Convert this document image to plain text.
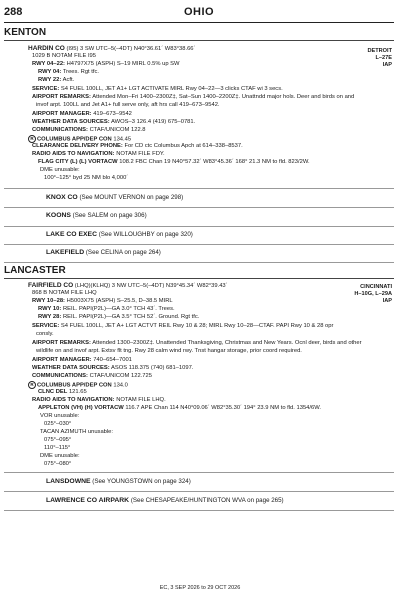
288	OHIO
KENTON
DETROIT
L–27E
IAP
HARDIN CO (I95) 3 SW UTC–5(–4DT) N40°36.61´ W83°38.66´
1029 B NOTAM FILE I95
RWY 04–22: H4797X75 (ASPH) S–19 MIRL 0.5% up SW
RWY 04: Trees. Rgt tfc.
RWY 22: Acft.
SERVICE: S4 FUEL 100LL, JET A1+ LGT ACTIVATE MIRL Rwy 04–22—3 clicks CTAF wi 3 secs.
AIRPORT REMARKS: Attended Mon–Fri 1400–2300Z‡, Sat–Sun 1400–2200Z‡. Unattndd major hols. Deer and birds on and
invof arpt. 100LL and Jet A1+ full serve only, aft hrs call 419–673–9542.
AIRPORT MANAGER: 419–673–9542
WEATHER DATA SOURCES: AWOS–3 126.4 (419) 675–0781.
COMMUNICATIONS: CTAF/UNICOM 122.8
R COLUMBUS APP/DEP CON 134.45
CLEARANCE DELIVERY PHONE: For CD ctc Columbus Apch at 614–338–8537.
RADIO AIDS TO NAVIGATION: NOTAM FILE FDY.
FLAG CITY (L) (L) VORTACW 108.2 FBC Chan 19 N40°57.32´ W83°45.36´ 168° 21.3 NM to fld. 823/2W.
DME unusable:
100°–125° byd 25 NM blo 4,000´
KNOX CO (See MOUNT VERNON on page 298)
KOONS (See SALEM on page 306)
LAKE CO EXEC (See WILLOUGHBY on page 320)
LAKEFIELD (See CELINA on page 264)
LANCASTER
CINCINNATI
H–10G, L–29A
IAP
FAIRFIELD CO (LHQ)(KLHQ) 3 NW UTC–5(–4DT) N39°45.34´ W82°39.43´
868 B NOTAM FILE LHQ
RWY 10–28: H5003X75 (ASPH) S–25.5, D–38.5 MIRL
RWY 10: REIL. PAPI(P2L)—GA 3.0° TCH 43´. Trees.
RWY 28: REIL. PAPI(P2L)—GA 3.5° TCH 52´. Ground. Rgt tfc.
SERVICE: S4 FUEL 100LL, JET A+ LGT ACTVT REIL Rwy 10 & 28; MIRL Rwy 10–28—CTAF. PAPI Rwy 10 & 28 opr
consly.
AIRPORT REMARKS: Attended 1300–2300Z‡. Unattended Thanksgiving, Christmas and New Years. Ocnl deer, birds and other
wildlife on and invof arpt. Extsv flt tng. Rwy 28 calm wind rwy. Tnst hangar storage, prior coord required.
AIRPORT MANAGER: 740–654–7001
WEATHER DATA SOURCES: ASOS 118.375 (740) 681–1097.
COMMUNICATIONS: CTAF/UNICOM 122.725
R COLUMBUS APP/DEP CON 134.0
CLNC DEL 121.65
RADIO AIDS TO NAVIGATION: NOTAM FILE LHQ.
APPLETON (VH) (H) VORTACW 116.7 APE Chan 114 N40°09.06´ W82°35.30´ 194° 23.9 NM to fld. 1354/6W.
VOR unusable:
025°–030°
TACAN AZIMUTH unusable:
075°–095°
110°–115°
DME unusable:
075°–080°
LANSDOWNE (See YOUNGSTOWN on page 324)
LAWRENCE CO AIRPARK (See CHESAPEAKE/HUNTINGTON WVA on page 265)
EC, 3 SEP 2026 to 29 OCT 2026
